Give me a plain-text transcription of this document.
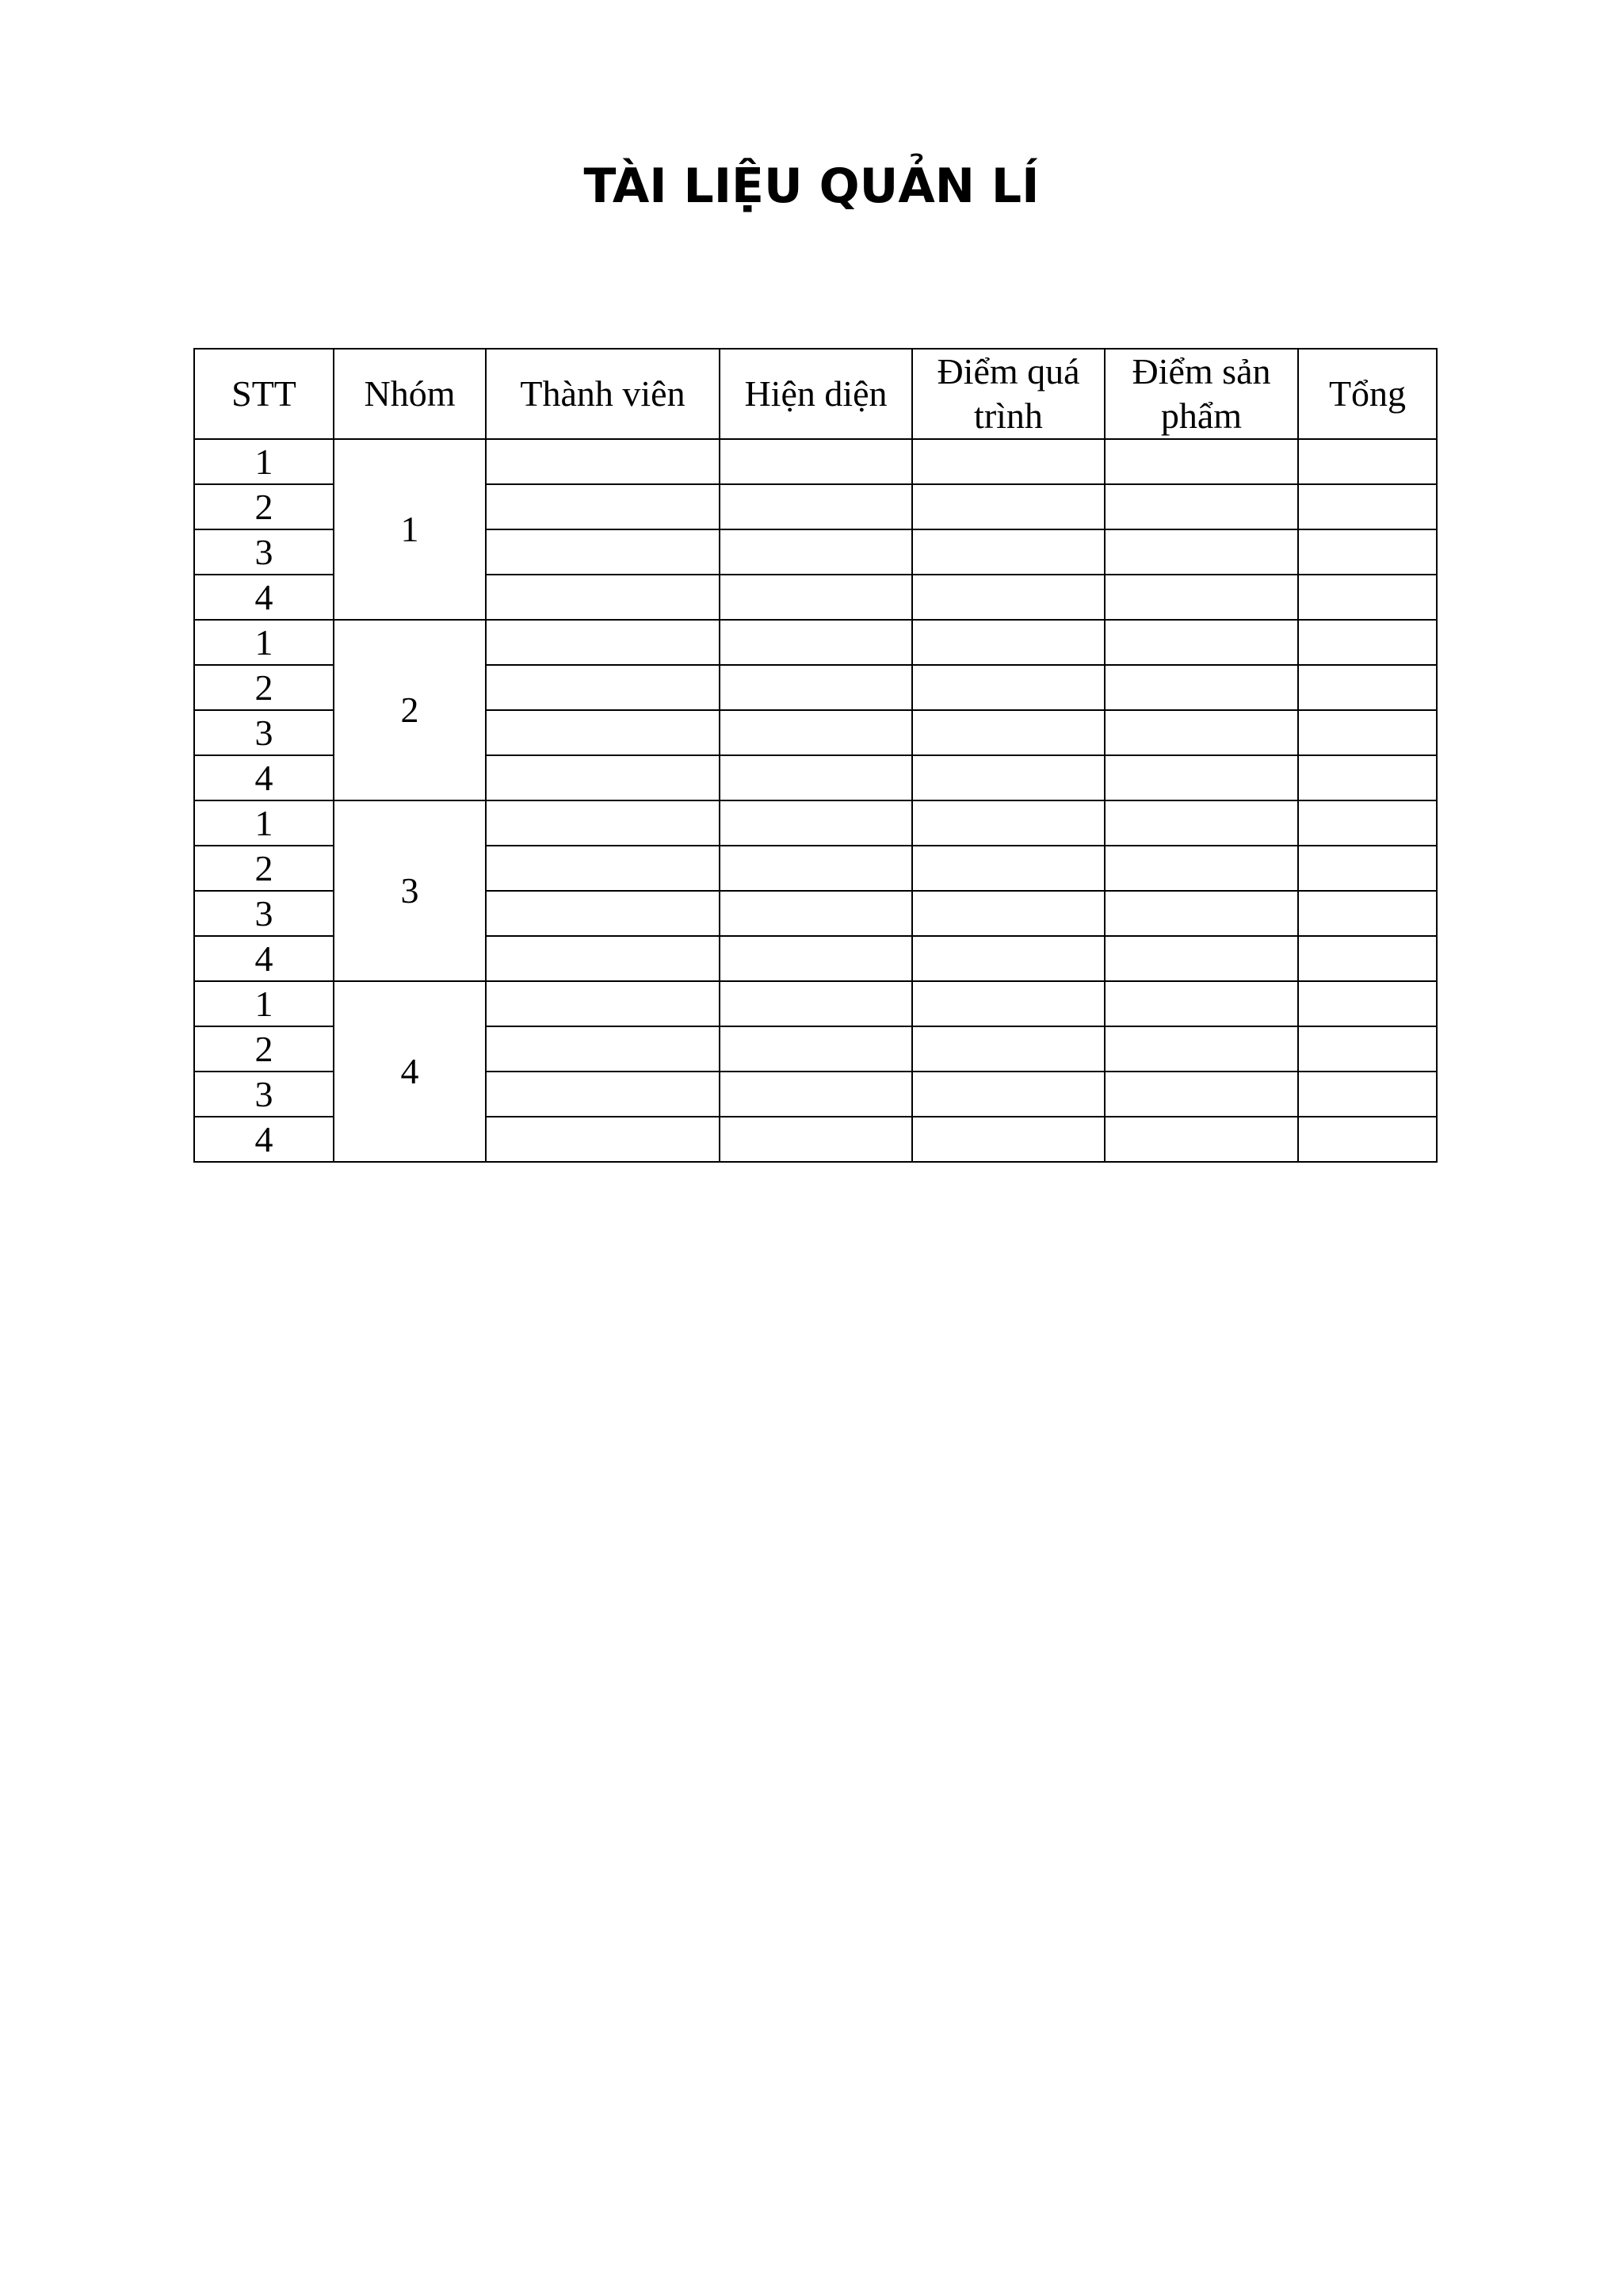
TÀI LIỆU QUẢN LÍ
STT	Nhóm	Thành viên	Hiện diện	Điểm quá trình	Điểm sản phẩm	Tổng
1	1					
2						
3						
4						
1	2					
2						
3						
4						
1	3					
2						
3						
4						
1	4					
2						
3						
4						
